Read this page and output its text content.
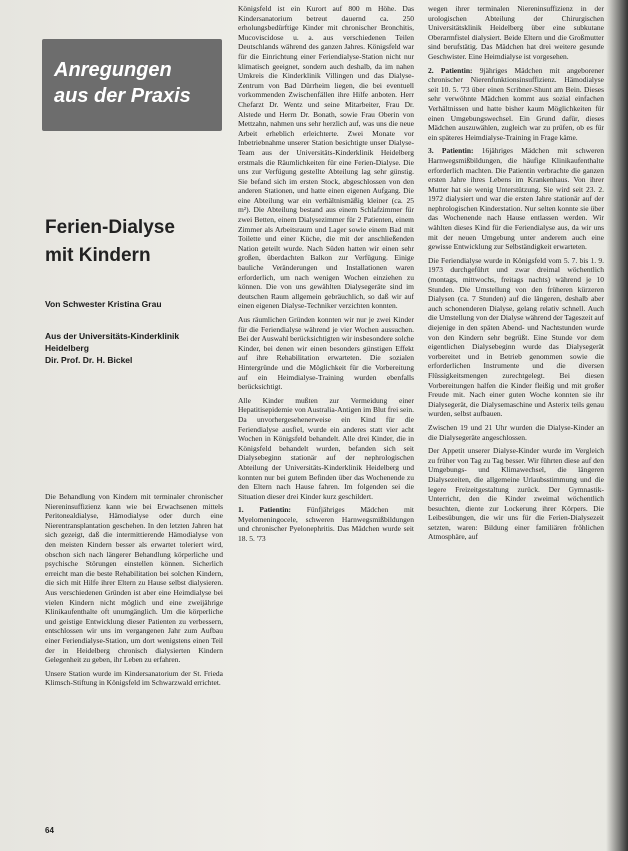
Anregungen
aus der Praxis
Ferien-Dialyse
mit Kindern
Von Schwester Kristina Grau
Aus der Universitäts-Kinderklinik
Heidelberg
Dir. Prof. Dr. H. Bickel

Die Behandlung von Kindern mit terminaler chronischer Niereninsuffizienz kann wie bei Erwachsenen mittels Peritonealdialyse, Hämodialyse oder durch eine Nierentransplantation geschehen. In den letzten Jahren hat sich gezeigt, daß die intermittierende Hämodialyse von den meisten Kindern besser als erwartet toleriert wird, obschon sich nach längerer Behandlung körperliche und psychische Störungen einstellen können. Sicherlich erreicht man die beste Rehabilitation bei solchen Kindern, die sich mit Hilfe ihrer Eltern zu Hause selbst dialysieren. Aus verschiedenen Gründen ist aber eine Heimdialyse bei vielen Kindern nicht möglich und eine zweijährige Klinikaufenthalte oft unumgänglich. Um die körperliche und geistige Entwicklung dieser Patienten zu verbessern, entschlossen wir uns im vergangenen Jahr zum Aufbau einer Feriendialyse-Station, um dort wenigstens einen Teil der in Heidelberg chronisch dialysierten Kindern Gelegenheit zu geben, ihr Leben zu erfahren.

Unsere Station wurde im Kindersanatorium der St. Frieda Klimsch-Stiftung in Königsfeld im Schwarzwald errichtet.

Königsfeld ist ein Kurort auf 800 m Höhe. Das Kindersanatorium betreut dauernd ca. 250 erholungsbedürftige Kinder mit chronischer Bronchitis, Mucoviscidose u. a. aus verschiedenen Teilen Deutschlands während des ganzen Jahres. Königsfeld war für die Einrichtung einer Feriendialyse-Station nicht nur klimatisch geeignet, sondern auch deshalb, da im nahen Umkreis die Kinderklinik Villingen und das Dialyse-Zentrum von Bad Dürrheim liegen, die bei eventuell vorkommenden Zwischenfällen ihre Hilfe anboten. Herr Chefarzt Dr. Wentz und seine Mitarbeiter, Frau Dr. Alstede und Herrn Dr. Bonath, sowie Frau Oberin von Mettzahn, nahmen uns sehr herzlich auf, was uns die neue Arbeit erheblich erleichterte. Zwei Monate vor Inbetriebnahme unserer Station besichtigte unser Dialyse-Team aus der Universitäts-Kinderklinik Heidelberg erstmals die Räumlichkeiten für eine Ferien-Dialyse. Die uns zur Verfügung gestellte Abteilung lag sehr günstig. Sie befand sich im ersten Stock, abgeschlossen von den anderen Stationen, und hatte einen eigenen Aufgang. Die eine Abteilung war ein verhältnismäßig kleiner (ca. 25 m²). Die Abteilung bestand aus einem Schlafzimmer für zwei Betten, einem Dialysezimmer für 2 Patienten, einem Zimmer als Arbeitsraum und Lager sowie einem Bad mit Toilette und einer Küche, die mit der anschließenden Nation geteilt wurde. Nach Süden hatten wir einen sehr großen, überdachten Balkon zur Verfügung. Einige bauliche Veränderungen und Installationen waren erforderlich, um nach wenigen Wochen einziehen zu können. Die von uns gewählten Dialysegeräte sind im deutschen Raum allgemein gebräuchlich, so daß wir auf einen eigenen Dialyse-Techniker verzichten konnten.

Aus räumlichen Gründen konnten wir nur je zwei Kinder für die Feriendialyse während je vier Wochen aussuchen. Bei der Auswahl berücksichtigten wir insbesondere solche Kinder, bei denen wir einen besonders günstigen Effekt auf ihre Rehabilitation erwarteten. Die sozialen Hintergründe und die Möglichkeit für die Vorbereitung auf ein Heimdialyse-Training wurden ebenfalls berücksichtigt.

Alle Kinder mußten zur Vermeidung einer Hepatitisepidemie von Australia-Antigen im Blut frei sein. Da unvorhergesehenerweise ein Kind für die Feriendialyse ausfiel, wurde ein anderes statt vier acht Wochen in Königsfeld behandelt. Alle drei Kinder, die in Königsfeld behandelt wurden, befanden sich seit Dialysebeginn stationär auf der nephrologischen Abteilung der Universitäts-Kinderklinik Heidelberg und konnten nur bei gutem Befinden über das Wochenende zu den Eltern nach Hause fahren. Im folgenden sei die Situation dieser drei Kinder kurz geschildert.

1. Patientin: Fünfjähriges Mädchen mit Myelomeningocele, schweren Harnwegsmißbildungen und chronischer Pyelonephritis. Das Mädchen wurde seit 18. 5. '73

wegen ihrer terminalen Niereninsuffizienz in der urologischen Abteilung der Chirurgischen Universitätsklinik Heidelberg über eine subkutane Oberarmfistel dialysiert. Beide Eltern und die Großmutter sind berufstätig. Das Mädchen hat drei weitere gesunde Geschwister. Eine Heimdialyse ist vorgesehen.

2. Patientin: 9jähriges Mädchen mit angeborener chronischer Nierenfunktionsinsuffizienz. Hämodialyse seit 10. 5. '73 über einen Scribner-Shunt am Bein. Dieses sehr verwöhnte Mädchen kommt aus sozial einfachen Verhältnissen und hatte bisher kaum Möglichkeiten für einen Umgebungswechsel. Ein Grund dafür, dieses Mädchen auszuwählen, zugleich war zu prüfen, ob es für ein späteres Heimdialyse-Training in Frage käme.

3. Patientin: 16jähriges Mädchen mit schweren Harnwegsmißbildungen, die häufige Klinikaufenthalte erforderlich machten. Die Patientin verbrachte die ganzen ersten Jahre ihres Lebens im Krankenhaus. Von ihrer Mutter hat sie wenig Unterstützung. Sie wird seit 23. 2. 1972 dialysiert und war die ersten Jahre stationär auf der nephrologischen Kinderstation. Nur selten konnte sie über das Wochenende nach Hause entlassen werden. Wir wählten dieses Kind für die Feriendialyse aus, da wir uns mit der neuen Umgebung unter anderem auch eine gewisse Entwicklung zur Selbständigkeit erwarteten.

Die Feriendialyse wurde in Königsfeld vom 5. 7. bis 1. 9. 1973 durchgeführt und zwar dreimal wöchentlich (montags, mittwochs, freitags nachts) während je 10 Stunden. Die Umstellung von den früheren kürzeren Dialysen (ca. 7 Stunden) auf die längeren, deshalb aber auch schonenderen Dialyse, gelang relativ schnell. Auch die Umstellung von der Dialyse während der Tageszeit auf diejenige in den späten Abend- und Nachtstunden wurde von den Kindern sehr begrüßt. Eine Stunde vor dem eigentlichen Dialysebeginn wurde das Dialysegerät vorbereitet und in Betrieb genommen sowie die erforderlichen Instrumente und die diversen Flüssigkeitsmengen zurechtgelegt. Bei diesen Vorbereitungen halfen die Kinder fleißig und mit großer Freude mit. Nach einer guten Woche konnten sie ihr Dialysegerät, die Dialysemaschine und Asterix teils genau wurden, selbst aufbauen.

Zwischen 19 und 21 Uhr wurden die Dialyse-Kinder an die Dialysegeräte angeschlossen.

Der Appetit unserer Dialyse-Kinder wurde im Vergleich zu früher von Tag zu Tag besser. Wir führten diese auf den Umgebungs- und Klimawechsel, die längeren Dialysezeiten, die allgemeine Urlaubsstimmung und die legere Freizeitgestaltung zurück. Der Gymnastik-Unterricht, den die Kinder zweimal wöchentlich besuchten, diente zur Lockerung ihrer Körpers. Die Leibesübungen, die wir uns für die Ferien-Dialysezeit setzten, waren: Bildung einer familiären fröhlichen Atmosphäre, auf

64
